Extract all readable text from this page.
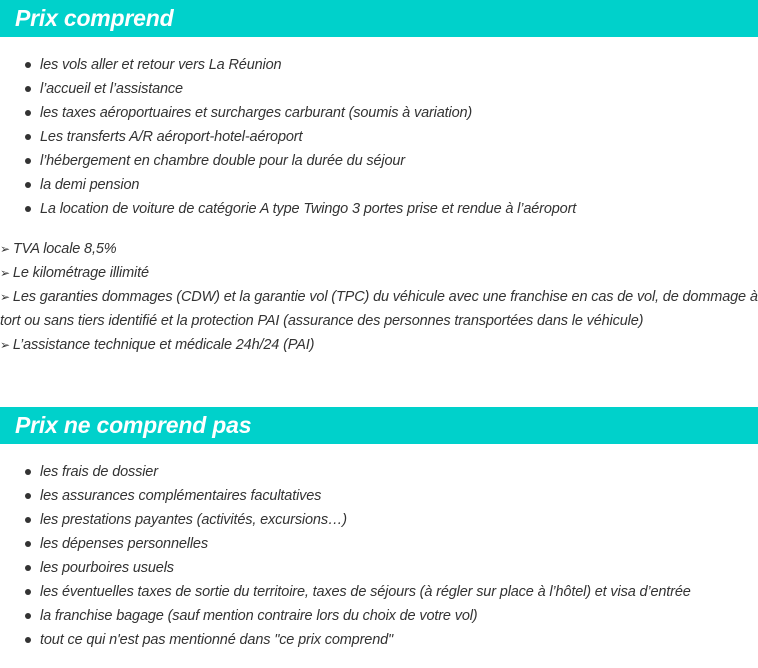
Prix comprend
les vols aller et retour vers La Réunion
l’accueil et l’assistance
les taxes aéroportuaires et surcharges carburant (soumis à variation)
Les transferts A/R aéroport-hotel-aéroport
l’hébergement en chambre double pour la durée du séjour
la demi pension
La location de voiture de catégorie A type Twingo 3 portes prise et rendue à l’aéroport

➢ TVA locale 8,5%

➢ Le kilométrage illimité

➢ Les garanties dommages (CDW) et la garantie vol (TPC) du véhicule avec une franchise en cas de vol, de dommage à tort ou sans tiers identifié et la protection PAI (assurance des personnes transportées dans le véhicule)

➢ L’assistance technique et médicale 24h/24 (PAI)

Prix ne comprend pas
les frais de dossier
les assurances complémentaires facultatives
les prestations payantes (activités, excursions…)
les dépenses personnelles
les pourboires usuels
les éventuelles taxes de sortie du territoire, taxes de séjours (à régler sur place à l’hôtel) et visa d’entrée
la franchise bagage (sauf mention contraire lors du choix de votre vol)
tout ce qui n'est pas mentionné dans "ce prix comprend"
